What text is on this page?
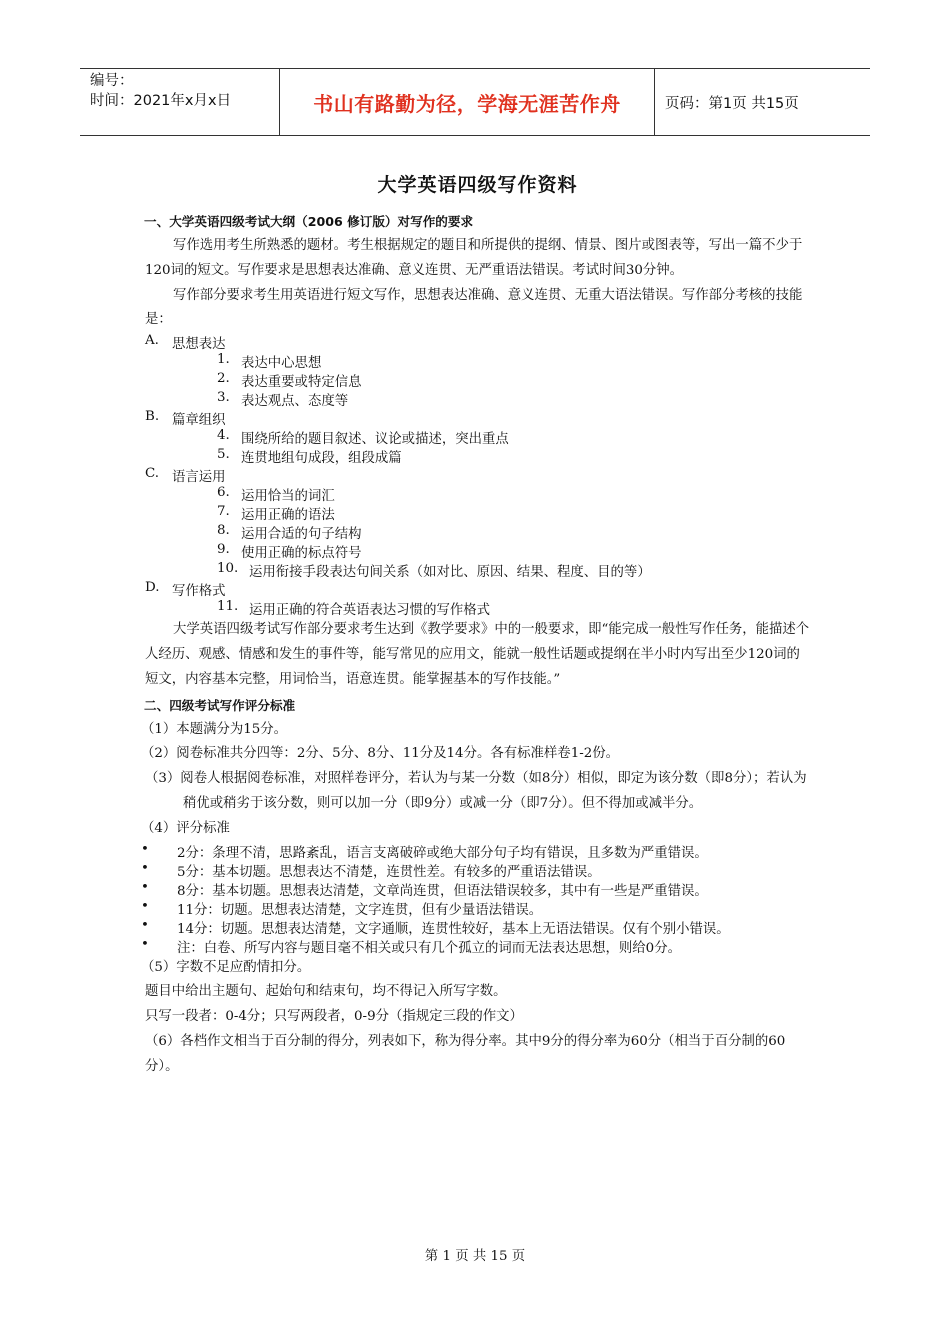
编号：
时间：2021年x月x日	书山有路勤为径，学海无涯苦作舟	页码：第1页 共15页
大学英语四级写作资料
一、大学英语四级考试大纲（2006 修订版）对写作的要求

写作选用考生所熟悉的题材。考生根据规定的题目和所提供的提纲、情景、图片或图表等，写出一篇不少于120词的短文。写作要求是思想表达准确、意义连贯、无严重语法错误。考试时间30分钟。

写作部分要求考生用英语进行短文写作，思想表达准确、意义连贯、无重大语法错误。写作部分考核的技能是：

A. 思想表达
1. 表达中心思想
2. 表达重要或特定信息
3. 表达观点、态度等
B. 篇章组织
4. 围绕所给的题目叙述、议论或描述，突出重点
5. 连贯地组句成段，组段成篇
C. 语言运用
6. 运用恰当的词汇
7. 运用正确的语法
8. 运用合适的句子结构
9. 使用正确的标点符号
10. 运用衔接手段表达句间关系（如对比、原因、结果、程度、目的等）
D. 写作格式
11. 运用正确的符合英语表达习惯的写作格式

大学英语四级考试写作部分要求考生达到《教学要求》中的一般要求，即“能完成一般性写作任务，能描述个人经历、观感、情感和发生的事件等，能写常见的应用文，能就一般性话题或提纲在半小时内写出至少120词的短文，内容基本完整，用词恰当，语意连贯。能掌握基本的写作技能。”

二、四级考试写作评分标准

（1）本题满分为15分。

（2）阅卷标准共分四等：2分、5分、8分、11分及14分。各有标准样卷1-2份。

（3）阅卷人根据阅卷标准，对照样卷评分，若认为与某一分数（如8分）相似，即定为该分数（即8分）；若认为稍优或稍劣于该分数，则可以加一分（即9分）或减一分（即7分）。但不得加或减半分。

（4）评分标准

•	2分：条理不清，思路紊乱，语言支离破碎或绝大部分句子均有错误，且多数为严重错误。
•	5分：基本切题。思想表达不清楚，连贯性差。有较多的严重语法错误。
•	8分：基本切题。思想表达清楚，文章尚连贯，但语法错误较多，其中有一些是严重错误。
•	11分：切题。思想表达清楚，文字连贯，但有少量语法错误。
•	14分：切题。思想表达清楚，文字通顺，连贯性较好，基本上无语法错误。仅有个别小错误。
•	注：白卷、所写内容与题目毫不相关或只有几个孤立的词而无法表达思想，则给0分。

（5）字数不足应酌情扣分。

题目中给出主题句、起始句和结束句，均不得记入所写字数。

只写一段者：0-4分；只写两段者，0-9分（指规定三段的作文）

（6）各档作文相当于百分制的得分，列表如下，称为得分率。其中9分的得分率为60分（相当于百分制的60分）。

第 1 页 共 15 页
